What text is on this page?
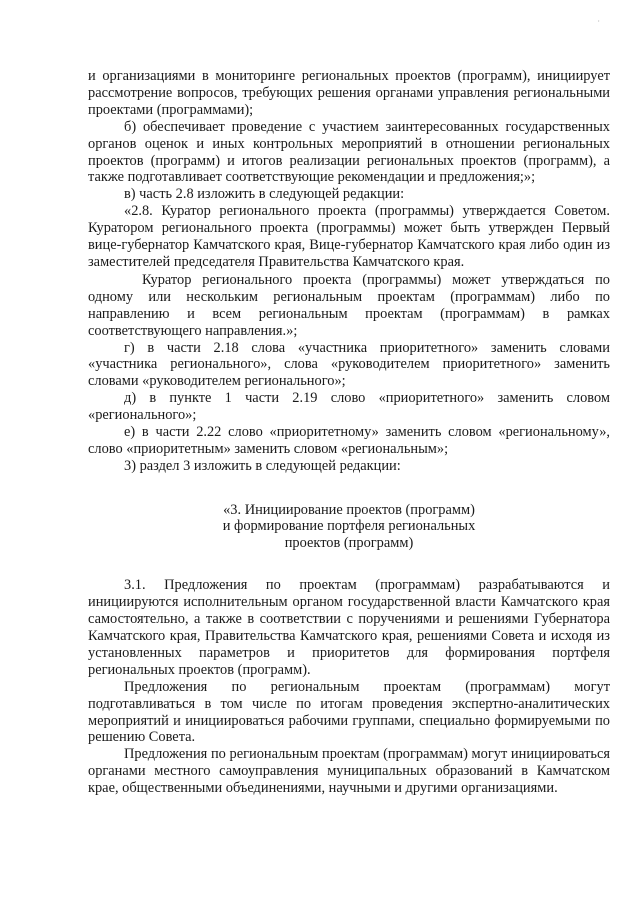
·

и организациями в мониторинге региональных проектов (программ), инициирует рассмотрение вопросов, требующих решения органами управления региональными проектами (программами);

б) обеспечивает проведение с участием заинтересованных государственных органов оценок и иных контрольных мероприятий в отношении региональных проектов (программ) и итогов реализации региональных проектов (программ), а также подготавливает соответствующие рекомендации и предложения;»;

в) часть 2.8 изложить в следующей редакции:

«2.8. Куратор регионального проекта (программы) утверждается Советом. Куратором регионального проекта (программы) может быть утвержден Первый вице-губернатор Камчатского края, Вице-губернатор Камчатского края либо один из заместителей председателя Правительства Камчатского края.

Куратор регионального проекта (программы) может утверждаться по одному или нескольким региональным проектам (программам) либо по направлению и всем региональным проектам (программам) в рамках соответствующего направления.»;

г) в части 2.18 слова «участника приоритетного» заменить словами «участника регионального», слова «руководителем приоритетного» заменить словами «руководителем регионального»;

д) в пункте 1 части 2.19 слово «приоритетного» заменить словом «регионального»;

е) в части 2.22 слово «приоритетному» заменить словом «региональному», слово «приоритетным» заменить словом «региональным»;

3) раздел 3 изложить в следующей редакции:

«3. Инициирование проектов (программ)
и формирование портфеля региональных
проектов (программ)

3.1. Предложения по проектам (программам) разрабатываются и инициируются исполнительным органом государственной власти Камчатского края самостоятельно, а также в соответствии с поручениями и решениями Губернатора Камчатского края, Правительства Камчатского края, решениями Совета и исходя из установленных параметров и приоритетов для формирования портфеля региональных проектов (программ).

Предложения по региональным проектам (программам) могут подготавливаться в том числе по итогам проведения экспертно-аналитических мероприятий и инициироваться рабочими группами, специально формируемыми по решению Совета.

Предложения по региональным проектам (программам) могут инициироваться органами местного самоуправления муниципальных образований в Камчатском крае, общественными объединениями, научными и другими организациями.
